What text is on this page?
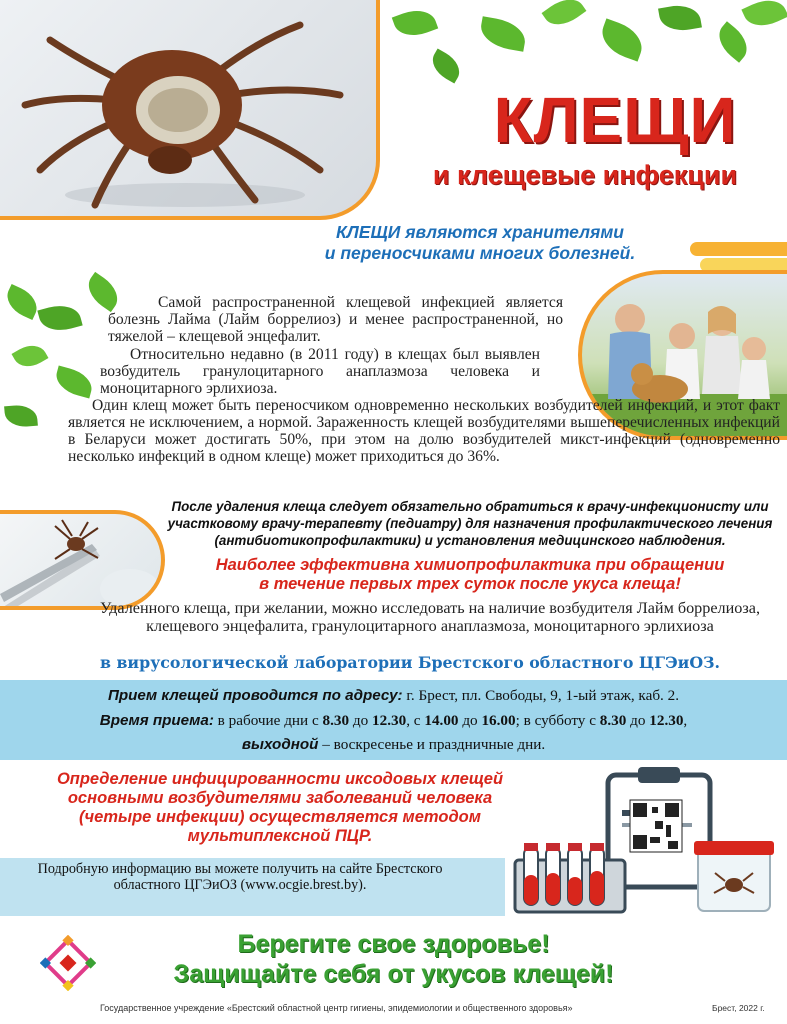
КЛЕЩИ
и клещевые инфекции
КЛЕЩИ являются хранителями
и переносчиками многих болезней.
Самой распространенной клещевой инфекцией является болезнь Лайма (Лайм боррелиоз) и менее распространенной, но тяжелой – клещевой энцефалит.
Относительно недавно (в 2011 году) в клещах был выявлен возбудитель гранулоцитарного анаплазмоза человека и моноцитарного эрлихиоза.
Один клещ может быть переносчиком одновременно нескольких возбудителей инфекций, и этот факт является не исключением, а нормой. Зараженность клещей возбудителями вышеперечисленных инфекций в Беларуси может достигать 50%, при этом на долю возбудителей микст-инфекций (одновременно несколько инфекций в одном клеще) может приходиться до 36%.
После удаления клеща следует обязательно обратиться к врачу-инфекционисту или участковому врачу-терапевту (педиатру) для назначения профилактического лечения (антибиотикопрофилактики) и установления медицинского наблюдения.
Наиболее эффективна химиопрофилактика при обращении
в течение первых трех суток после укуса клеща!
Удаленного клеща, при желании, можно исследовать на наличие возбудителя Лайм боррелиоза, клещевого энцефалита, гранулоцитарного анаплазмоза, моноцитарного эрлихиоза
в вирусологической лаборатории Брестского областного ЦГЭиОЗ.
Прием клещей проводится по адресу: г. Брест, пл. Свободы, 9, 1-ый этаж, каб. 2.
Время приема: в рабочие дни с 8.30 до 12.30, с 14.00 до 16.00; в субботу с 8.30 до 12.30,
выходной – воскресенье и праздничные дни.
Определение инфицированности иксодовых клещей основными возбудителями заболеваний человека (четыре инфекции) осуществляется методом мультиплексной ПЦР.
Подробную информацию вы можете получить на сайте Брестского областного ЦГЭиОЗ (www.ocgie.brest.by).
Берегите свое здоровье!
Защищайте себя от укусов клещей!
Государственное учреждение «Брестский областной центр гигиены, эпидемиологии и общественного здоровья»	Брест, 2022 г.
